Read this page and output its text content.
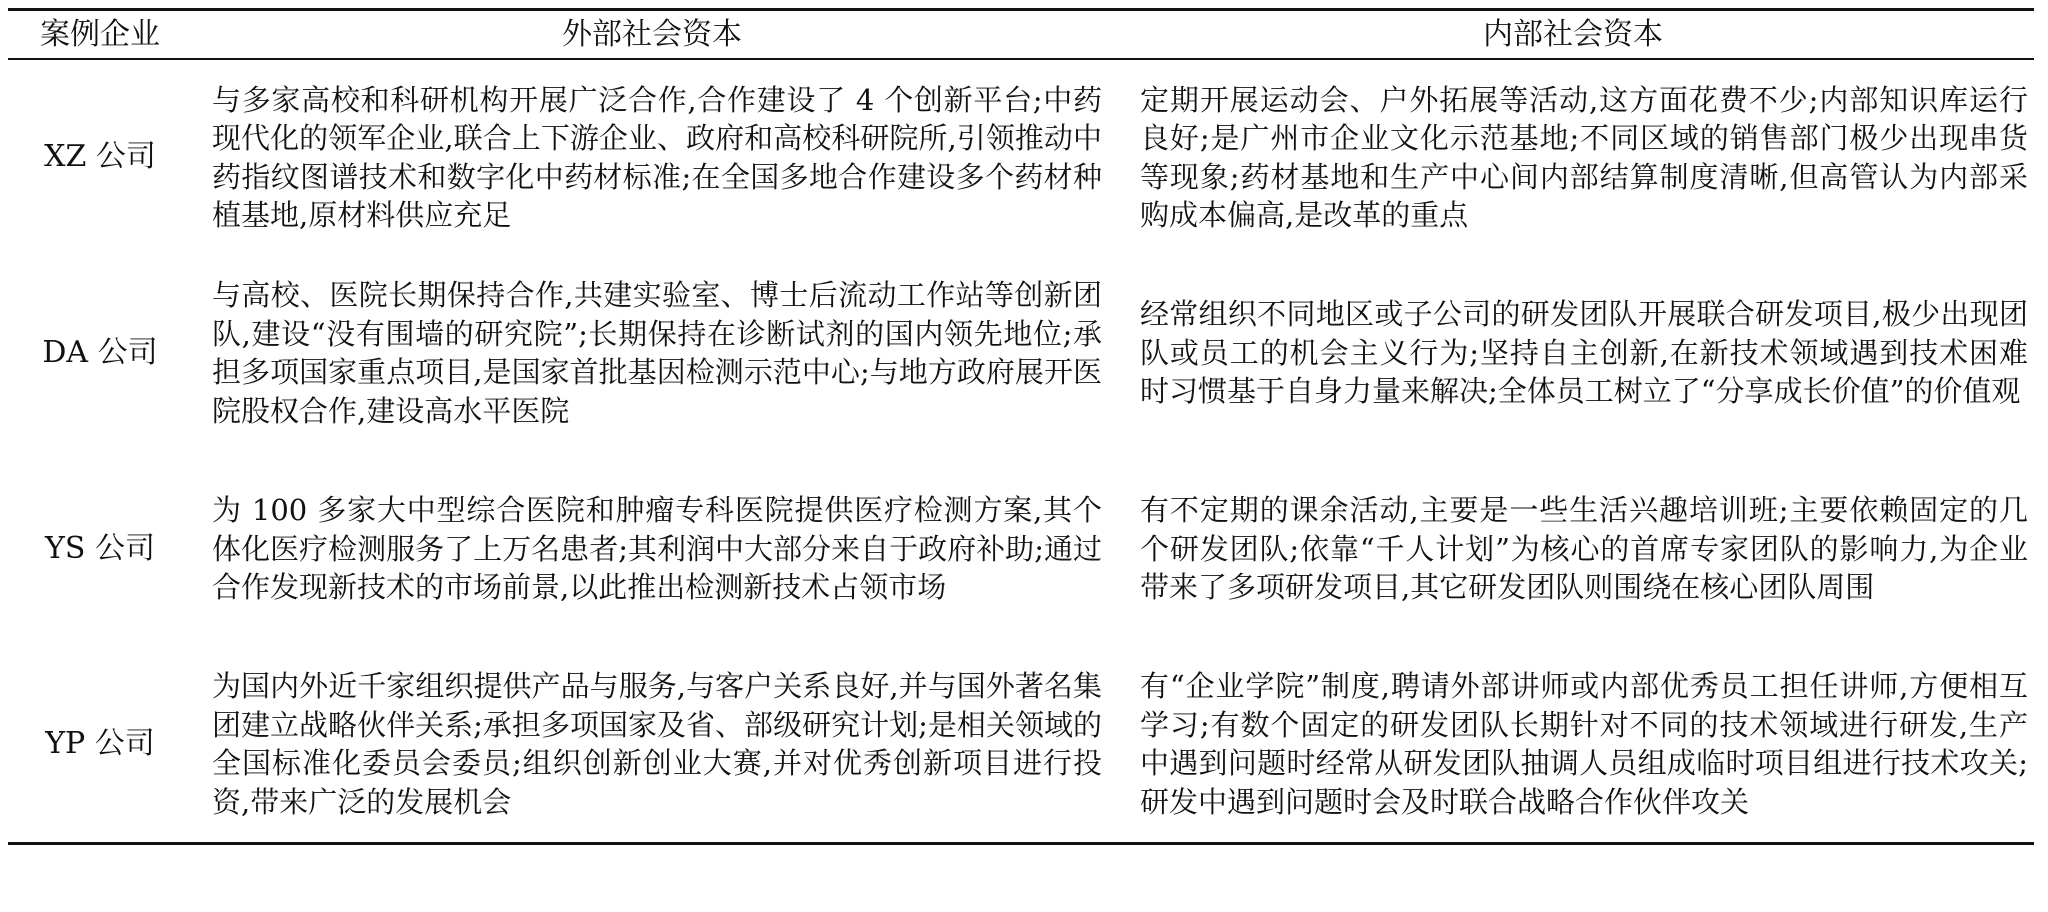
案例企业	外部社会资本	内部社会资本
XZ 公司	与多家高校和科研机构开展广泛合作,合作建设了 4 个创新平台;中药现代化的领军企业,联合上下游企业、政府和高校科研院所,引领推动中药指纹图谱技术和数字化中药材标准;在全国多地合作建设多个药材种植基地,原材料供应充足	定期开展运动会、户外拓展等活动,这方面花费不少;内部知识库运行良好;是广州市企业文化示范基地;不同区域的销售部门极少出现串货等现象;药材基地和生产中心间内部结算制度清晰,但高管认为内部采购成本偏高,是改革的重点

DA 公司	与高校、医院长期保持合作,共建实验室、博士后流动工作站等创新团队,建设“没有围墙的研究院”;长期保持在诊断试剂的国内领先地位;承担多项国家重点项目,是国家首批基因检测示范中心;与地方政府展开医院股权合作,建设高水平医院	经常组织不同地区或子公司的研发团队开展联合研发项目,极少出现团队或员工的机会主义行为;坚持自主创新,在新技术领域遇到技术困难时习惯基于自身力量来解决;全体员工树立了“分享成长价值”的价值观

YS 公司	为 100 多家大中型综合医院和肿瘤专科医院提供医疗检测方案,其个体化医疗检测服务了上万名患者;其利润中大部分来自于政府补助;通过合作发现新技术的市场前景,以此推出检测新技术占领市场	有不定期的课余活动,主要是一些生活兴趣培训班;主要依赖固定的几个研发团队;依靠“千人计划”为核心的首席专家团队的影响力,为企业带来了多项研发项目,其它研发团队则围绕在核心团队周围

YP 公司	为国内外近千家组织提供产品与服务,与客户关系良好,并与国外著名集团建立战略伙伴关系;承担多项国家及省、部级研究计划;是相关领域的全国标准化委员会委员;组织创新创业大赛,并对优秀创新项目进行投资,带来广泛的发展机会	有“企业学院”制度,聘请外部讲师或内部优秀员工担任讲师,方便相互学习;有数个固定的研发团队长期针对不同的技术领域进行研发,生产中遇到问题时经常从研发团队抽调人员组成临时项目组进行技术攻关;研发中遇到问题时会及时联合战略合作伙伴攻关
